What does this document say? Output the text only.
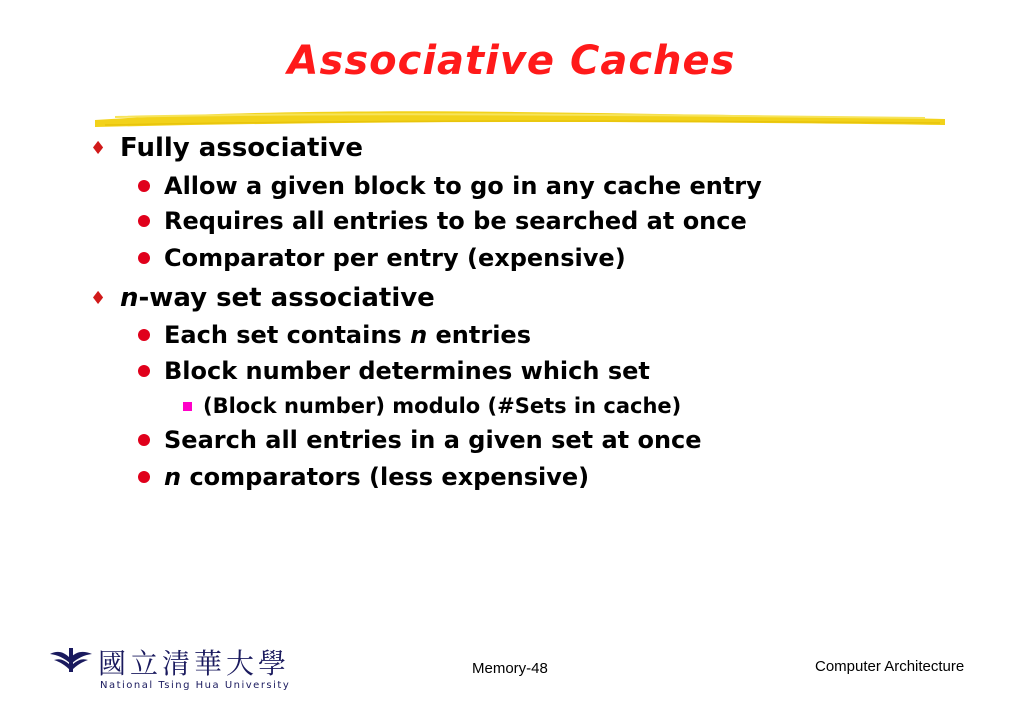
Associative Caches
♦ Fully associative
Allow a given block to go in any cache entry
Requires all entries to be searched at once
Comparator per entry (expensive)
♦ n -way set associative
Each set contains n entries
Block number determines which set
(Block number) modulo (#Sets in cache)
Search all entries in a given set at once
n comparators (less expensive)
國立清華大學
National Tsing Hua University
Memory-48	Computer Architecture
